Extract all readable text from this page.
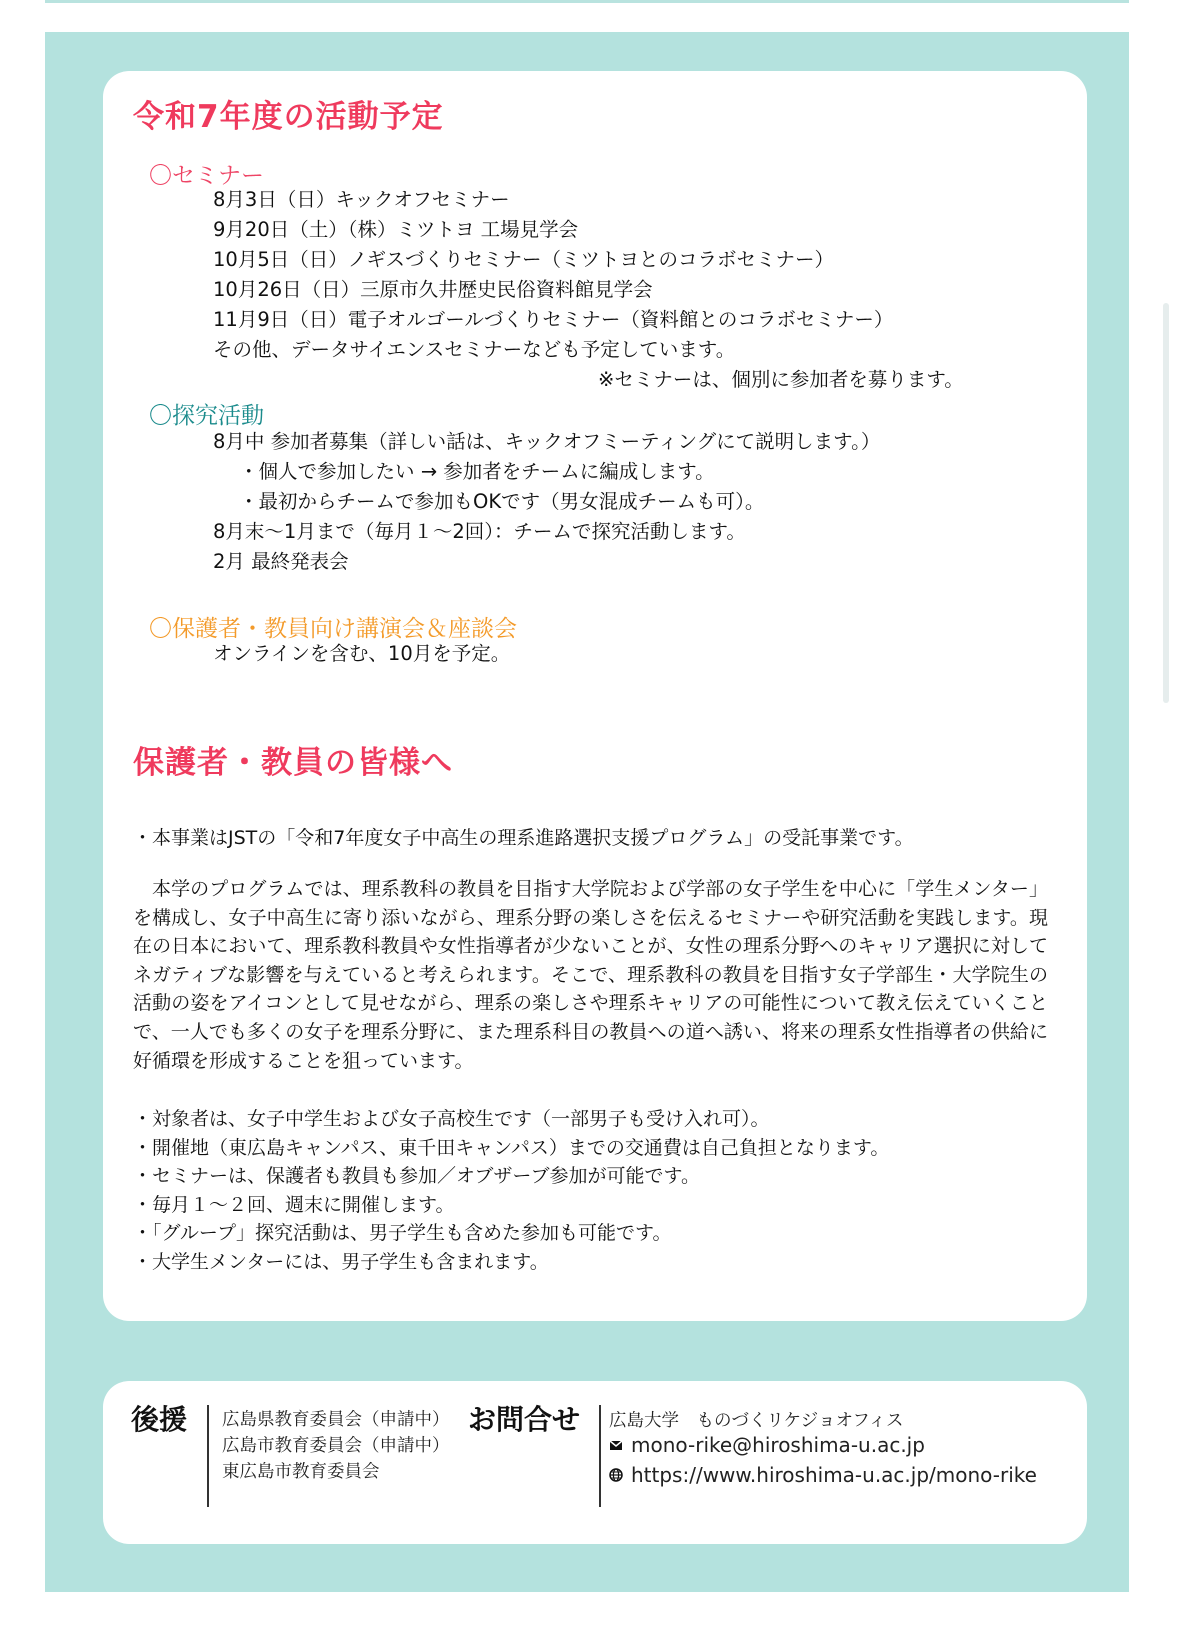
令和7年度の活動予定
〇セミナー
8月3日（日）キックオフセミナー
9月20日（土）（株）ミツトヨ 工場見学会
10月5日（日）ノギスづくりセミナー（ミツトヨとのコラボセミナー）
10月26日（日）三原市久井歴史民俗資料館見学会
11月9日（日）電子オルゴールづくりセミナー（資料館とのコラボセミナー）
その他、データサイエンスセミナーなども予定しています。
※セミナーは、個別に参加者を募ります。
〇探究活動
8月中 参加者募集（詳しい話は、キックオフミーティングにて説明します。）
・個人で参加したい → 参加者をチームに編成します。
・最初からチームで参加もOKです（男女混成チームも可）。
8月末～1月まで（毎月１～2回）：チームで探究活動します。
2月 最終発表会
〇保護者・教員向け講演会＆座談会
オンラインを含む、10月を予定。
保護者・教員の皆様へ
・本事業はJSTの「令和7年度女子中高生の理系進路選択支援プログラム」の受託事業です。
本学のプログラムでは、理系教科の教員を目指す大学院および学部の女子学生を中心に「学生メンター」を構成し、女子中高生に寄り添いながら、理系分野の楽しさを伝えるセミナーや研究活動を実践します。現在の日本において、理系教科教員や女性指導者が少ないことが、女性の理系分野へのキャリア選択に対してネガティブな影響を与えていると考えられます。そこで、理系教科の教員を目指す女子学部生・大学院生の活動の姿をアイコンとして見せながら、理系の楽しさや理系キャリアの可能性について教え伝えていくことで、一人でも多くの女子を理系分野に、また理系科目の教員への道へ誘い、将来の理系女性指導者の供給に好循環を形成することを狙っています。
・対象者は、女子中学生および女子高校生です（一部男子も受け入れ可）。
・開催地（東広島キャンパス、東千田キャンパス）までの交通費は自己負担となります。
・セミナーは、保護者も教員も参加／オブザーブ参加が可能です。
・毎月１～２回、週末に開催します。
・「グループ」探究活動は、男子学生も含めた参加も可能です。
・大学生メンターには、男子学生も含まれます。
後援 広島県教育委員会（申請中）
広島市教育委員会（申請中）
東広島市教育委員会
お問合せ 広島大学　ものづくリケジョオフィス
mono-rike@hiroshima-u.ac.jp
https://www.hiroshima-u.ac.jp/mono-rike
